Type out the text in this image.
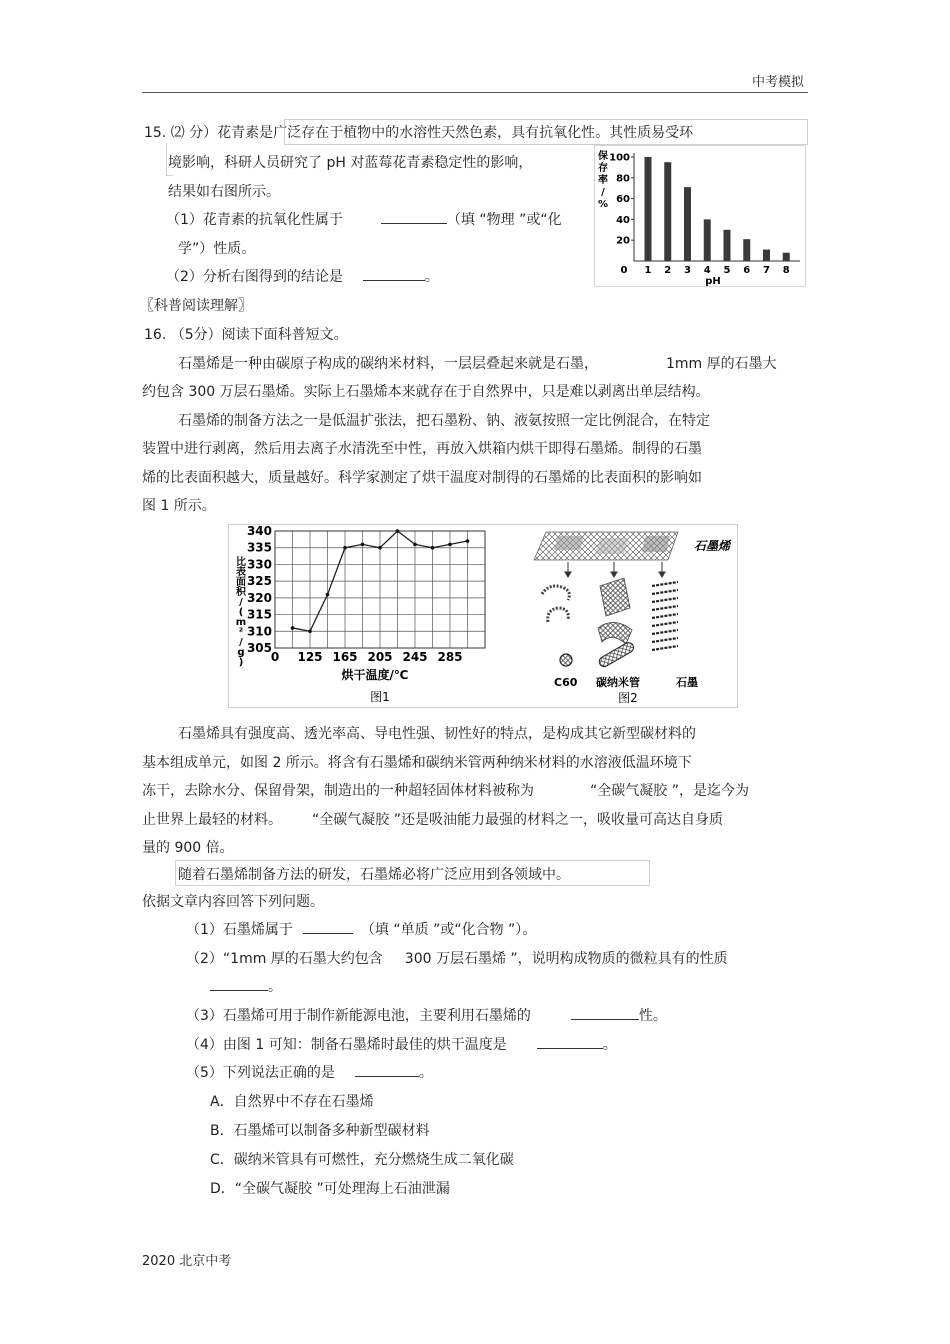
中考模拟
15. ⑵ 分）花青素是广泛存在于植物中的水溶性天然色素，具有抗氧化性。其性质易受环
境影响，科研人员研究了 pH 对蓝莓花青素稳定性的影响，
结果如右图所示。
（1）花青素的抗氧化性属于	（填 “物理 ”或“化
学”）性质。
（2）分析右图得到的结论是	。
保
存
率
/
%
20
40
60
80
100
1 2 3 4 5 6 7 8
0
pH
〖科普阅读理解〗
16. （5分）阅读下面科普短文。
石墨烯是一种由碳原子构成的碳纳米材料，一层层叠起来就是石墨，	1mm 厚的石墨大
约包含 300 万层石墨烯。实际上石墨烯本来就存在于自然界中，只是难以剥离出单层结构。
石墨烯的制备方法之一是低温扩张法，把石墨粉、钠、液氨按照一定比例混合，在特定
装置中进行剥离，然后用去离子水清洗至中性，再放入烘箱内烘干即得石墨烯。制得的石墨
烯的比表面积越大，质量越好。科学家测定了烘干温度对制得的石墨烯的比表面积的影响如
图 1 所示。
305
310
315
320
325
330
335
340
0 125 165 205 245 285
比
表
面
积
/
(
m
²
/
g
)
烘干温度/℃
图1
石墨烯
C60 碳纳米管	石墨
图2
石墨烯具有强度高、透光率高、导电性强、韧性好的特点，是构成其它新型碳材料的
基本组成单元，如图 2 所示。将含有石墨烯和碳纳米管两种纳米材料的水溶液低温环境下
冻干，去除水分、保留骨架，制造出的一种超轻固体材料被称为	“全碳气凝胶 ”，是迄今为
止世界上最轻的材料。 “全碳气凝胶 ”还是吸油能力最强的材料之一，吸收量可高达自身质
量的 900 倍。
随着石墨烯制备方法的研发，石墨烯必将广泛应用到各领域中。
依据文章内容回答下列问题。
（1）石墨烯属于	（填 “单质 ”或“化合物 ”）。
（2）“1mm 厚的石墨大约包含 300 万层石墨烯 ”，说明构成物质的微粒具有的性质
。
（3）石墨烯可用于制作新能源电池，主要利用石墨烯的	性。
（4）由图 1 可知：制备石墨烯时最佳的烘干温度是	。
（5）下列说法正确的是	。
A．自然界中不存在石墨烯
B．石墨烯可以制备多种新型碳材料
C．碳纳米管具有可燃性，充分燃烧生成二氧化碳
D．“全碳气凝胶 ”可处理海上石油泄漏
2020 北京中考
